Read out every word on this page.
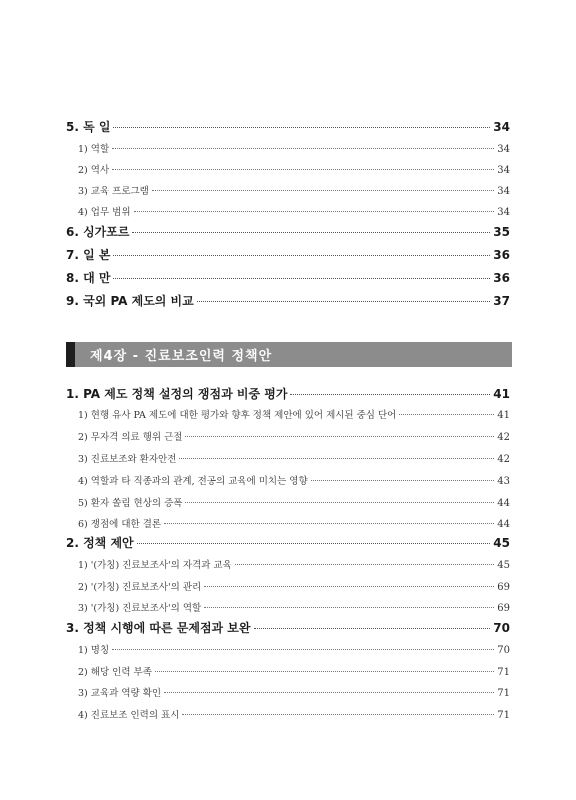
5. 독 일	34
1) 역할	34
2) 역사	34
3) 교육 프로그램	34
4) 업무 범위	34
6. 싱가포르	35
7. 일 본	36
8. 대 만	36
9. 국외 PA 제도의 비교	37
제4장 - 진료보조인력 정책안
1. PA 제도 정책 설정의 쟁점과 비중 평가	41
1) 현행 유사 PA 제도에 대한 평가와 향후 정책 제안에 있어 제시된 중심 단어	41
2) 무자격 의료 행위 근절	42
3) 진료보조와 환자안전	42
4) 역할과 타 직종과의 관계, 전공의 교육에 미치는 영향	43
5) 환자 쏠림 현상의 증폭	44
6) 쟁점에 대한 결론	44
2. 정책 제안	45
1) '(가칭) 진료보조사'의 자격과 교육	45
2) '(가칭) 진료보조사'의 관리	69
3) '(가칭) 진료보조사'의 역할	69
3. 정책 시행에 따른 문제점과 보완	70
1) 명칭	70
2) 해당 인력 부족	71
3) 교육과 역량 확인	71
4) 진료보조 인력의 표시	71
